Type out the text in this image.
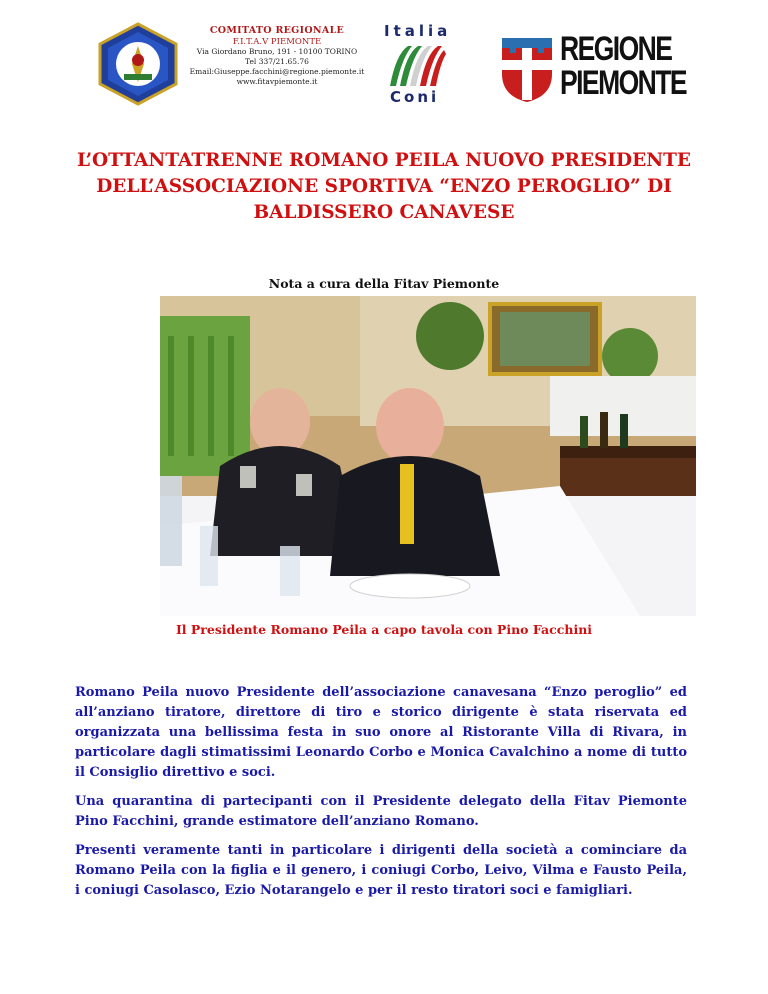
COMITATO REGIONALE
F.I.T.A.V PIEMONTE
Via Giordano Bruno, 191 - 10100 TORINO
Tel 337/21.65.76
Email:Giuseppe.facchini@regione.piemonte.it
www.fitavpiemonte.it
Italia
Coni
REGIONE
PIEMONTE
L’OTTANTATRENNE ROMANO PEILA NUOVO PRESIDENTE DELL’ASSOCIAZIONE SPORTIVA “ENZO PEROGLIO” DI BALDISSERO CANAVESE
Nota a cura della Fitav Piemonte
Il Presidente Romano Peila a capo tavola con Pino Facchini

Romano Peila nuovo Presidente dell’associazione canavesana “Enzo peroglio” ed all’anziano tiratore, direttore di tiro e storico dirigente è stata riservata ed organizzata una bellissima festa in suo onore al Ristorante Villa di Rivara, in particolare dagli stimatissimi Leonardo Corbo e Monica Cavalchino a nome di tutto il Consiglio direttivo e soci.

Una quarantina di partecipanti con il Presidente delegato della Fitav Piemonte Pino Facchini, grande estimatore dell’anziano Romano.

Presenti veramente tanti in particolare i dirigenti della società a cominciare da Romano Peila con la figlia e il genero, i coniugi Corbo, Leivo, Vilma e Fausto Peila, i coniugi Casolasco, Ezio Notarangelo e per il resto tiratori soci e famigliari.
